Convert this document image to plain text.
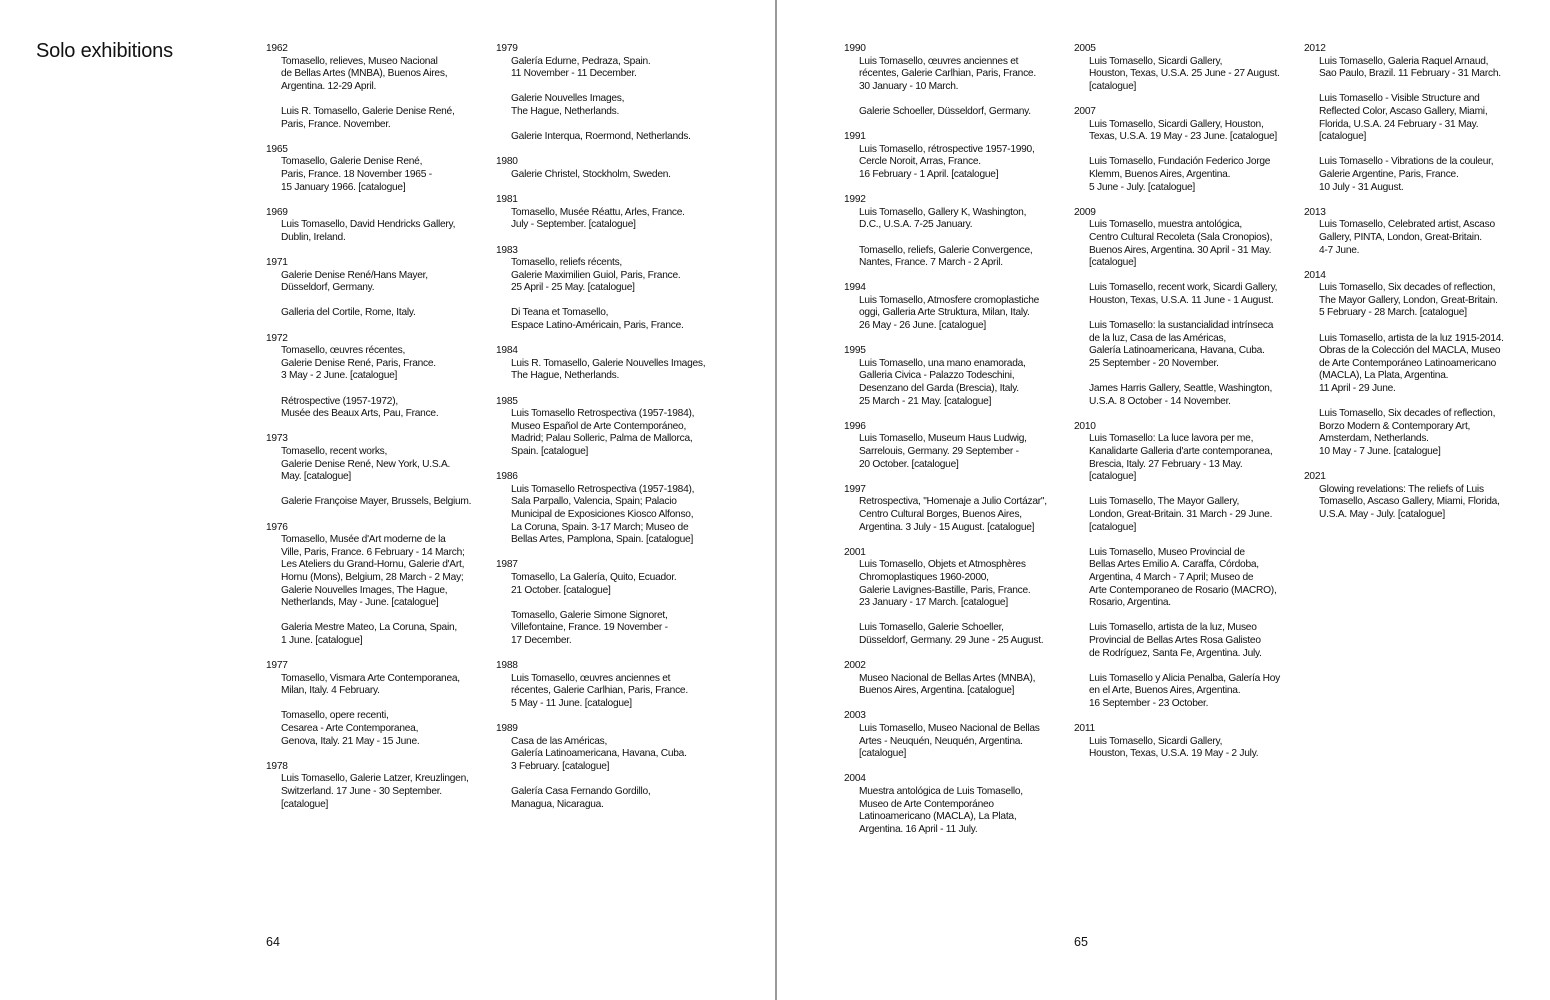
Solo exhibitions	1962

Tomasello, relieves, Museo Nacional
de Bellas Artes (MNBA), Buenos Aires,
Argentina. 12-29 April.

Luis R. Tomasello, Galerie Denise René,
Paris, France. November.

1965

Tomasello, Galerie Denise René,
Paris, France. 18 November 1965 -
15 January 1966. [catalogue]

1969

Luis Tomasello, David Hendricks Gallery,
Dublin, Ireland.

1971

Galerie Denise René/Hans Mayer,
Düsseldorf, Germany.

Galleria del Cortile, Rome, Italy.

1972

Tomasello, œuvres récentes,
Galerie Denise René, Paris, France.
3 May - 2 June. [catalogue]

Rétrospective (1957-1972),
Musée des Beaux Arts, Pau, France.

1973

Tomasello, recent works,
Galerie Denise René, New York, U.S.A.
May. [catalogue]

Galerie Françoise Mayer, Brussels, Belgium.

1976

Tomasello, Musée d'Art moderne de la
Ville, Paris, France. 6 February - 14 March;
Les Ateliers du Grand-Hornu, Galerie d'Art,
Hornu (Mons), Belgium, 28 March - 2 May;
Galerie Nouvelles Images, The Hague,
Netherlands, May - June. [catalogue]

Galeria Mestre Mateo, La Coruna, Spain,
1 June. [catalogue]

1977

Tomasello, Vismara Arte Contemporanea,
Milan, Italy. 4 February.

Tomasello, opere recenti,
Cesarea - Arte Contemporanea,
Genova, Italy. 21 May - 15 June.

1978

Luis Tomasello, Galerie Latzer, Kreuzlingen,
Switzerland. 17 June - 30 September.
[catalogue]

1979

Galería Edurne, Pedraza, Spain.
11 November - 11 December.

Galerie Nouvelles Images,
The Hague, Netherlands.

Galerie Interqua, Roermond, Netherlands.

1980

Galerie Christel, Stockholm, Sweden.

1981

Tomasello, Musée Réattu, Arles, France.
July - September. [catalogue]

1983

Tomasello, reliefs récents,
Galerie Maximilien Guiol, Paris, France.
25 April - 25 May. [catalogue]

Di Teana et Tomasello,
Espace Latino-Américain, Paris, France.

1984

Luis R. Tomasello, Galerie Nouvelles Images,
The Hague, Netherlands.

1985

Luis Tomasello Retrospectiva (1957-1984),
Museo Español de Arte Contemporáneo,
Madrid; Palau Solleric, Palma de Mallorca,
Spain. [catalogue]

1986

Luis Tomasello Retrospectiva (1957-1984),
Sala Parpallo, Valencia, Spain; Palacio
Municipal de Exposiciones Kiosco Alfonso,
La Coruna, Spain. 3-17 March; Museo de
Bellas Artes, Pamplona, Spain. [catalogue]

1987

Tomasello, La Galería, Quito, Ecuador.
21 October. [catalogue]

Tomasello, Galerie Simone Signoret,
Villefontaine, France. 19 November -
17 December.

1988

Luis Tomasello, œuvres anciennes et
récentes, Galerie Carlhian, Paris, France.
5 May - 11 June. [catalogue]

1989

Casa de las Américas,
Galería Latinoamericana, Havana, Cuba.
3 February. [catalogue]

Galería Casa Fernando Gordillo,
Managua, Nicaragua.

64
1990

Luis Tomasello, œuvres anciennes et
récentes, Galerie Carlhian, Paris, France.
30 January - 10 March.

Galerie Schoeller, Düsseldorf, Germany.

1991

Luis Tomasello, rétrospective 1957-1990,
Cercle Noroit, Arras, France.
16 February - 1 April. [catalogue]

1992

Luis Tomasello, Gallery K, Washington,
D.C., U.S.A. 7-25 January.

Tomasello, reliefs, Galerie Convergence,
Nantes, France. 7 March - 2 April.

1994

Luis Tomasello, Atmosfere cromoplastiche
oggi, Galleria Arte Struktura, Milan, Italy.
26 May - 26 June. [catalogue]

1995

Luis Tomasello, una mano enamorada,
Galleria Civica - Palazzo Todeschini,
Desenzano del Garda (Brescia), Italy.
25 March - 21 May. [catalogue]

1996

Luis Tomasello, Museum Haus Ludwig,
Sarrelouis, Germany. 29 September -
20 October. [catalogue]

1997

Retrospectiva, "Homenaje a Julio Cortázar",
Centro Cultural Borges, Buenos Aires,
Argentina. 3 July - 15 August. [catalogue]

2001

Luis Tomasello, Objets et Atmosphères
Chromoplastiques 1960-2000,
Galerie Lavignes-Bastille, Paris, France.
23 January - 17 March. [catalogue]

Luis Tomasello, Galerie Schoeller,
Düsseldorf, Germany. 29 June - 25 August.

2002

Museo Nacional de Bellas Artes (MNBA),
Buenos Aires, Argentina. [catalogue]

2003

Luis Tomasello, Museo Nacional de Bellas
Artes - Neuquén, Neuquén, Argentina.
[catalogue]

2004

Muestra antológica de Luis Tomasello,
Museo de Arte Contemporáneo
Latinoamericano (MACLA), La Plata,
Argentina. 16 April - 11 July.

2005

Luis Tomasello, Sicardi Gallery,
Houston, Texas, U.S.A. 25 June - 27 August.
[catalogue]

2007

Luis Tomasello, Sicardi Gallery, Houston,
Texas, U.S.A. 19 May - 23 June. [catalogue]

Luis Tomasello, Fundación Federico Jorge
Klemm, Buenos Aires, Argentina.
5 June - July. [catalogue]

2009

Luis Tomasello, muestra antológica,
Centro Cultural Recoleta (Sala Cronopios),
Buenos Aires, Argentina. 30 April - 31 May.
[catalogue]

Luis Tomasello, recent work, Sicardi Gallery,
Houston, Texas, U.S.A. 11 June - 1 August.

Luis Tomasello: la sustancialidad intrínseca
de la luz, Casa de las Américas,
Galería Latinoamericana, Havana, Cuba.
25 September - 20 November.

James Harris Gallery, Seattle, Washington,
U.S.A. 8 October - 14 November.

2010

Luis Tomasello: La luce lavora per me,
Kanalidarte Galleria d'arte contemporanea,
Brescia, Italy. 27 February - 13 May.
[catalogue]

Luis Tomasello, The Mayor Gallery,
London, Great-Britain. 31 March - 29 June.
[catalogue]

Luis Tomasello, Museo Provincial de
Bellas Artes Emilio A. Caraffa, Córdoba,
Argentina, 4 March - 7 April; Museo de
Arte Contemporaneo de Rosario (MACRO),
Rosario, Argentina.

Luis Tomasello, artista de la luz, Museo
Provincial de Bellas Artes Rosa Galisteo
de Rodríguez, Santa Fe, Argentina. July.

Luis Tomasello y Alicia Penalba, Galería Hoy
en el Arte, Buenos Aires, Argentina.
16 September - 23 October.

2011

Luis Tomasello, Sicardi Gallery,
Houston, Texas, U.S.A. 19 May - 2 July.

2012

Luis Tomasello, Galeria Raquel Arnaud,
Sao Paulo, Brazil. 11 February - 31 March.

Luis Tomasello - Visible Structure and
Reflected Color, Ascaso Gallery, Miami,
Florida, U.S.A. 24 February - 31 May.
[catalogue]

Luis Tomasello - Vibrations de la couleur,
Galerie Argentine, Paris, France.
10 July - 31 August.

2013

Luis Tomasello, Celebrated artist, Ascaso
Gallery, PINTA, London, Great-Britain.
4-7 June.

2014

Luis Tomasello, Six decades of reflection,
The Mayor Gallery, London, Great-Britain.
5 February - 28 March. [catalogue]

Luis Tomasello, artista de la luz 1915-2014.
Obras de la Colección del MACLA, Museo
de Arte Contemporáneo Latinoamericano
(MACLA), La Plata, Argentina.
11 April - 29 June.

Luis Tomasello, Six decades of reflection,
Borzo Modern & Contemporary Art,
Amsterdam, Netherlands.
10 May - 7 June. [catalogue]

2021

Glowing revelations: The reliefs of Luis
Tomasello, Ascaso Gallery, Miami, Florida,
U.S.A. May - July. [catalogue]

65
